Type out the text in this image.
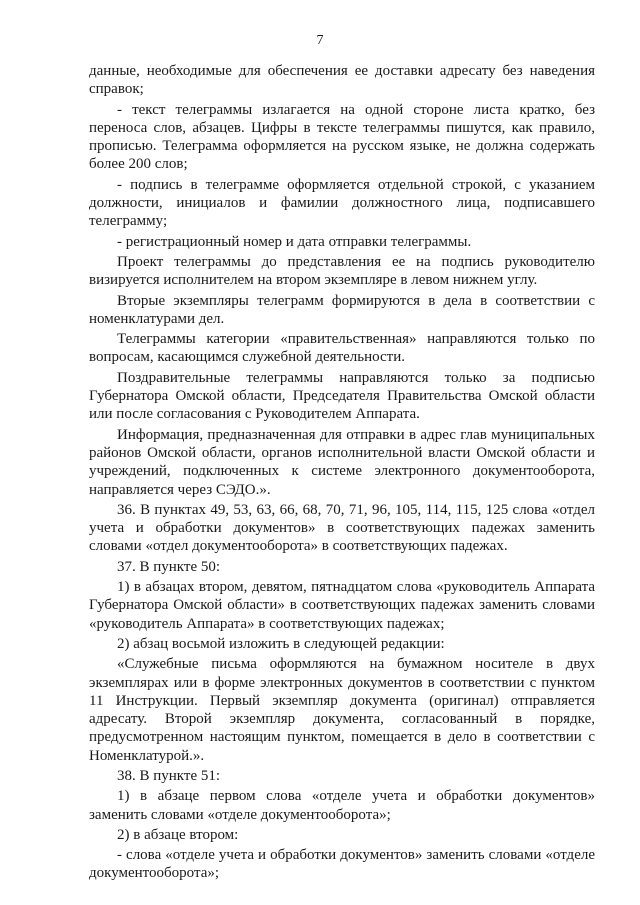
7

данные, необходимые для обеспечения ее доставки адресату без наведения справок;

- текст телеграммы излагается на одной стороне листа кратко, без переноса слов, абзацев. Цифры в тексте телеграммы пишутся, как правило, прописью. Телеграмма оформляется на русском языке, не должна содержать более 200 слов;

- подпись в телеграмме оформляется отдельной строкой, с указанием должности, инициалов и фамилии должностного лица, подписавшего телеграмму;

- регистрационный номер и дата отправки телеграммы.

Проект телеграммы до представления ее на подпись руководителю визируется исполнителем на втором экземпляре в левом нижнем углу.

Вторые экземпляры телеграмм формируются в дела в соответствии с номенклатурами дел.

Телеграммы категории «правительственная» направляются только по вопросам, касающимся служебной деятельности.

Поздравительные телеграммы направляются только за подписью Губернатора Омской области, Председателя Правительства Омской области или после согласования с Руководителем Аппарата.

Информация, предназначенная для отправки в адрес глав муниципальных районов Омской области, органов исполнительной власти Омской области и учреждений, подключенных к системе электронного документооборота, направляется через СЭДО.».

36. В пунктах 49, 53, 63, 66, 68, 70, 71, 96, 105, 114, 115, 125 слова «отдел учета и обработки документов» в соответствующих падежах заменить словами «отдел документооборота» в соответствующих падежах.

37. В пункте 50:

1) в абзацах втором, девятом, пятнадцатом слова «руководитель Аппарата Губернатора Омской области» в соответствующих падежах заменить словами «руководитель Аппарата» в соответствующих падежах;

2) абзац восьмой изложить в следующей редакции:

«Служебные письма оформляются на бумажном носителе в двух экземплярах или в форме электронных документов в соответствии с пунктом 11 Инструкции. Первый экземпляр документа (оригинал) отправляется адресату. Второй экземпляр документа, согласованный в порядке, предусмотренном настоящим пунктом, помещается в дело в соответствии с Номенклатурой.».

38. В пункте 51:

1) в абзаце первом слова «отделе учета и обработки документов» заменить словами «отделе документооборота»;

2) в абзаце втором:

- слова «отделе учета и обработки документов» заменить словами «отделе документооборота»;
